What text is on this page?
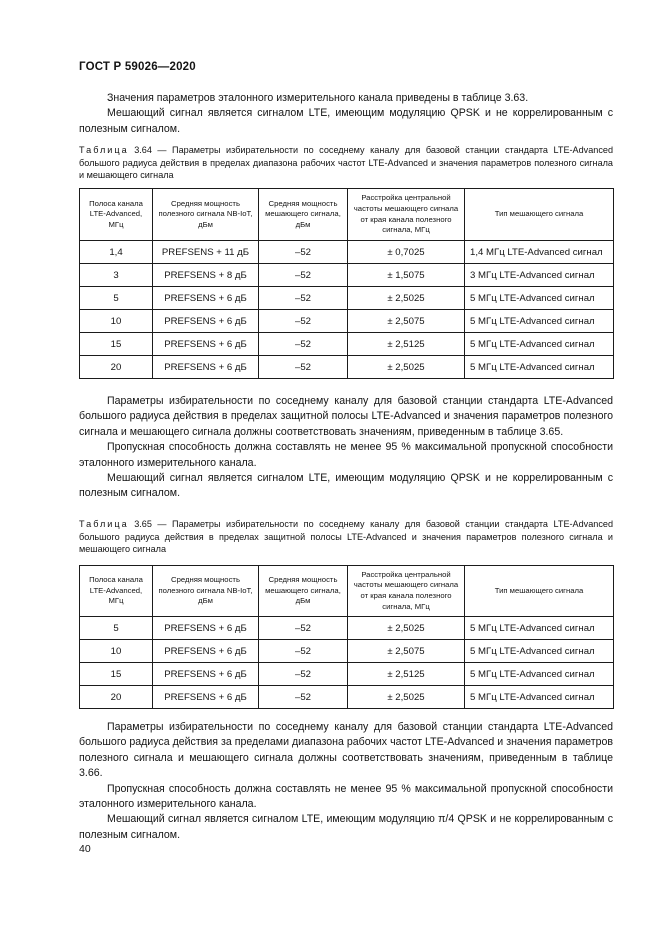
ГОСТ Р 59026—2020

Значения параметров эталонного измерительного канала приведены в таблице 3.63.

Мешающий сигнал является сигналом LTE, имеющим модуляцию QPSK и не коррелированным с полезным сигналом.

Таблица 3.64 — Параметры избирательности по соседнему каналу для базовой станции стандарта LTE-Advanced большого радиуса действия в пределах диапазона рабочих частот LTE-Advanced и значения параметров полезного сигнала и мешающего сигнала
Полоса канала LTE-Advanced, МГц	Средняя мощность полезного сигнала NB-IoT, дБм	Средняя мощность мешающего сигнала, дБм	Расстройка центральной частоты мешающего сигнала от края канала полезного сигнала, МГц	Тип мешающего сигнала
1,4	PREFSENS + 11 дБ	–52	± 0,7025	1,4 МГц LTE-Advanced сигнал
3	PREFSENS + 8 дБ	–52	± 1,5075	3 МГц LTE-Advanced сигнал
5	PREFSENS + 6 дБ	–52	± 2,5025	5 МГц LTE-Advanced сигнал
10	PREFSENS + 6 дБ	–52	± 2,5075	5 МГц LTE-Advanced сигнал
15	PREFSENS + 6 дБ	–52	± 2,5125	5 МГц LTE-Advanced сигнал
20	PREFSENS + 6 дБ	–52	± 2,5025	5 МГц LTE-Advanced сигнал

Параметры избирательности по соседнему каналу для базовой станции стандарта LTE-Advanced большого радиуса действия в пределах защитной полосы LTE-Advanced и значения параметров полезного сигнала и мешающего сигнала должны соответствовать значениям, приведенным в таблице 3.65.

Пропускная способность должна составлять не менее 95 % максимальной пропускной способности эталонного измерительного канала.

Мешающий сигнал является сигналом LTE, имеющим модуляцию QPSK и не коррелированным с полезным сигналом.

Таблица 3.65 — Параметры избирательности по соседнему каналу для базовой станции стандарта LTE-Advanced большого радиуса действия в пределах защитной полосы LTE-Advanced и значения параметров полезного сигнала и мешающего сигнала
Полоса канала LTE-Advanced, МГц	Средняя мощность полезного сигнала NB-IoT, дБм	Средняя мощность мешающего сигнала, дБм	Расстройка центральной частоты мешающего сигнала от края канала полезного сигнала, МГц	Тип мешающего сигнала
5	PREFSENS + 6 дБ	–52	± 2,5025	5 МГц LTE-Advanced сигнал
10	PREFSENS + 6 дБ	–52	± 2,5075	5 МГц LTE-Advanced сигнал
15	PREFSENS + 6 дБ	–52	± 2,5125	5 МГц LTE-Advanced сигнал
20	PREFSENS + 6 дБ	–52	± 2,5025	5 МГц LTE-Advanced сигнал

Параметры избирательности по соседнему каналу для базовой станции стандарта LTE-Advanced большого радиуса действия за пределами диапазона рабочих частот LTE-Advanced и значения параметров полезного сигнала и мешающего сигнала должны соответствовать значениям, приведенным в таблице 3.66.

Пропускная способность должна составлять не менее 95 % максимальной пропускной способности эталонного измерительного канала.

Мешающий сигнал является сигналом LTE, имеющим модуляцию π/4 QPSK и не коррелированным с полезным сигналом.

40
